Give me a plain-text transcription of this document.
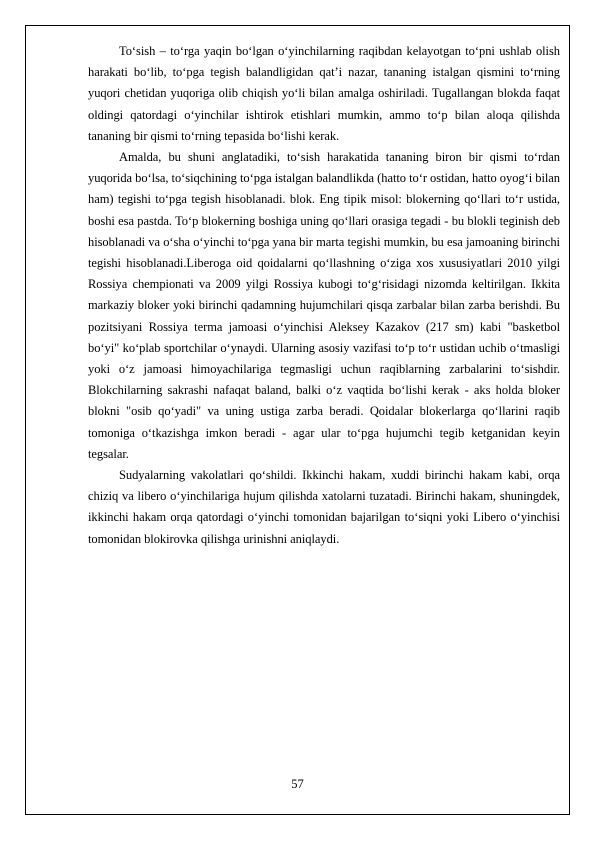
To‘sish – to‘rga yaqin bo‘lgan o‘yinchilarning raqibdan kelayotgan to‘pni ushlab olish harakati bo‘lib, to‘pga tegish balandligidan qat’i nazar, tananing istalgan qismini to‘rning yuqori chetidan yuqoriga olib chiqish yo‘li bilan amalga oshiriladi. Tugallangan blokda faqat oldingi qatordagi o‘yinchilar ishtirok etishlari mumkin, ammo to‘p bilan aloqa qilishda tananing bir qismi to‘rning tepasida bo‘lishi kerak.

Amalda, bu shuni anglatadiki, to‘sish harakatida tananing biron bir qismi to‘rdan yuqorida bo‘lsa, to‘siqchining to‘pga istalgan balandlikda (hatto to‘r ostidan, hatto oyog‘i bilan ham) tegishi to‘pga tegish hisoblanadi. blok. Eng tipik misol: blokerning qo‘llari to‘r ustida, boshi esa pastda. To‘p blokerning boshiga uning qo‘llari orasiga tegadi - bu blokli teginish deb hisoblanadi va o‘sha o‘yinchi to‘pga yana bir marta tegishi mumkin, bu esa jamoaning birinchi tegishi hisoblanadi.Liberoga oid qoidalarni qo‘llashning o‘ziga xos xususiyatlari 2010 yilgi Rossiya chempionati va 2009 yilgi Rossiya kubogi to‘g‘risidagi nizomda keltirilgan. Ikkita markaziy bloker yoki birinchi qadamning hujumchilari qisqa zarbalar bilan zarba berishdi. Bu pozitsiyani Rossiya terma jamoasi o‘yinchisi Aleksey Kazakov (217 sm) kabi "basketbol bo‘yi" ko‘plab sportchilar o‘ynaydi. Ularning asosiy vazifasi to‘p to‘r ustidan uchib o‘tmasligi yoki o‘z jamoasi himoyachilariga tegmasligi uchun raqiblarning zarbalarini to‘sishdir. Blokchilarning sakrashi nafaqat baland, balki o‘z vaqtida bo‘lishi kerak - aks holda bloker blokni "osib qo‘yadi" va uning ustiga zarba beradi. Qoidalar blokerlarga qo‘llarini raqib tomoniga o‘tkazishga imkon beradi - agar ular to‘pga hujumchi tegib ketganidan keyin tegsalar.

Sudyalarning vakolatlari qo‘shildi. Ikkinchi hakam, xuddi birinchi hakam kabi, orqa chiziq va libero o‘yinchilariga hujum qilishda xatolarni tuzatadi. Birinchi hakam, shuningdek, ikkinchi hakam orqa qatordagi o‘yinchi tomonidan bajarilgan to‘siqni yoki Libero o‘yinchisi tomonidan blokirovka qilishga urinishni aniqlaydi.

57
